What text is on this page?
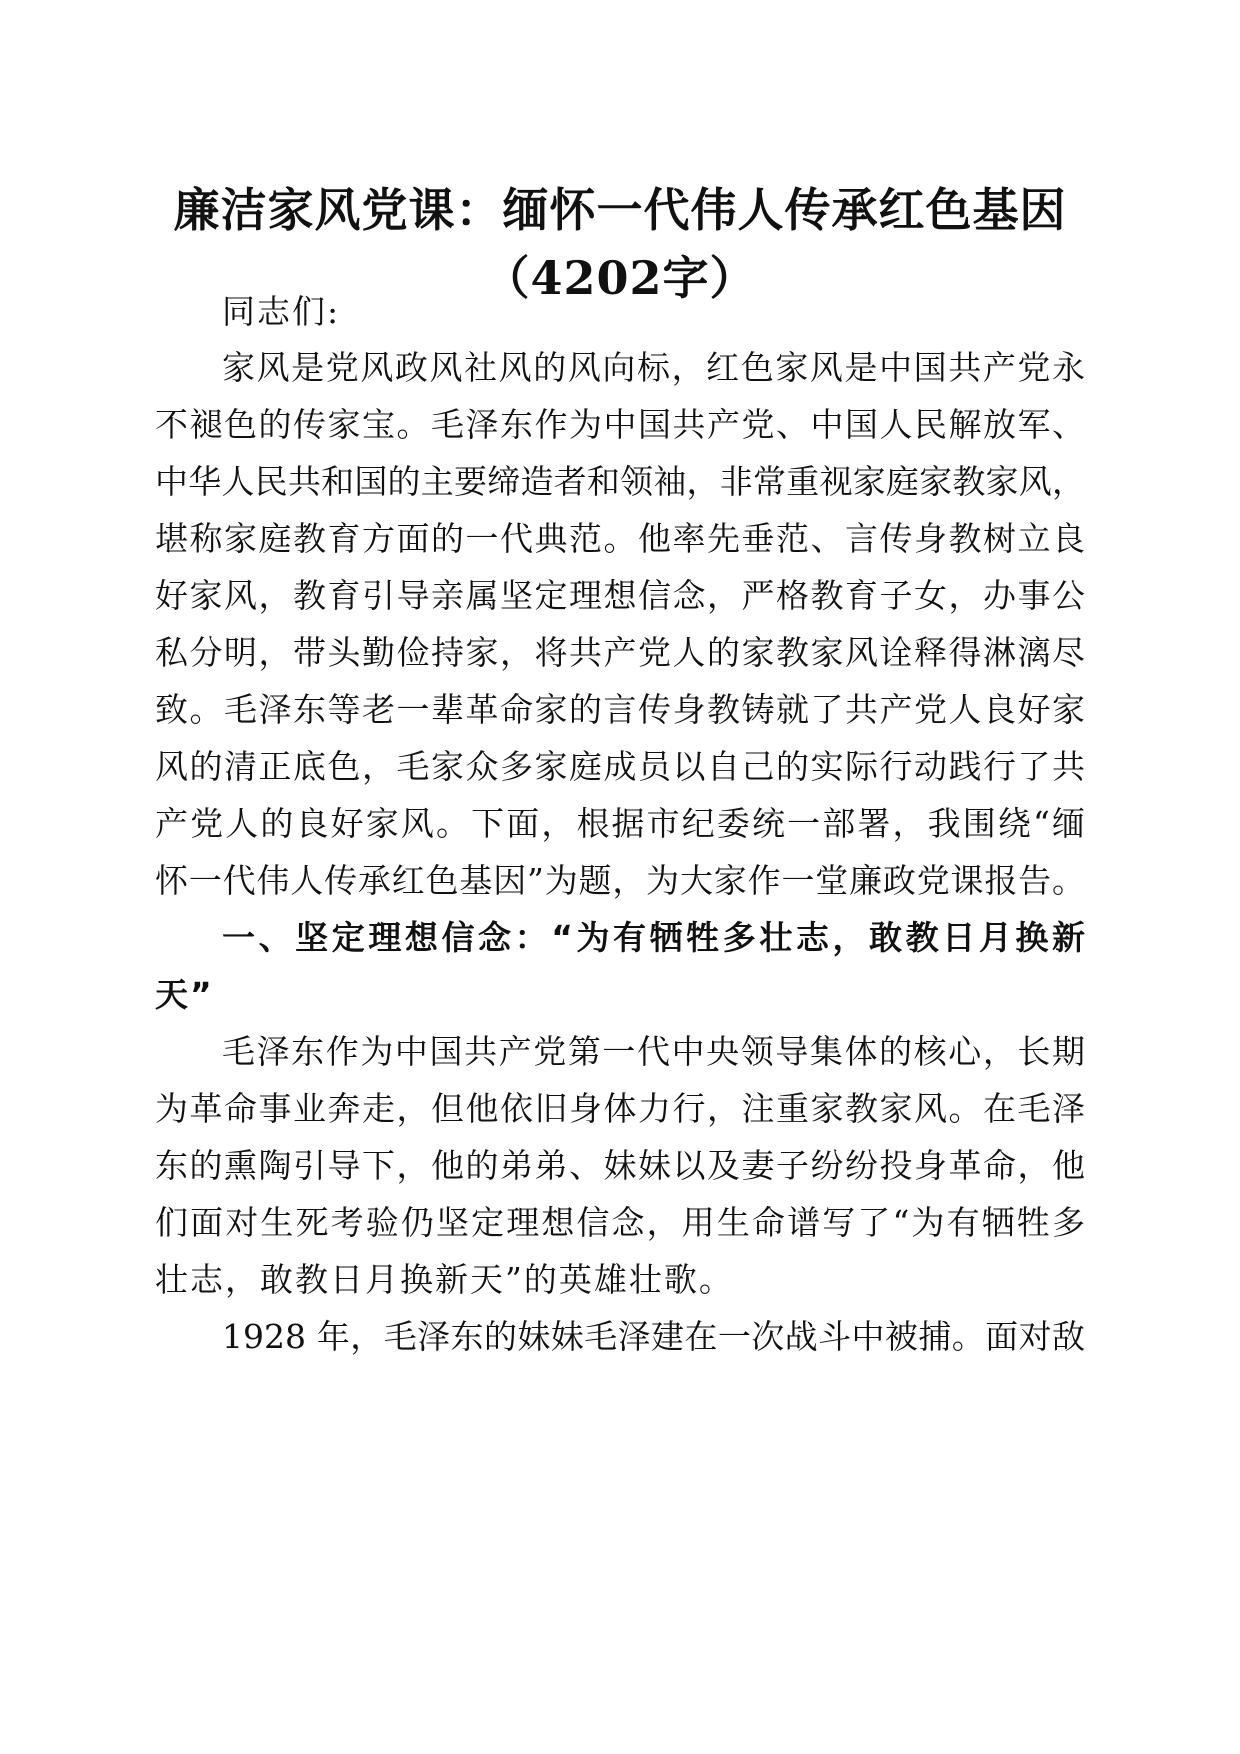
廉洁家风党课：缅怀一代伟人传承红色基因
（4202字）
同志们:
家风是党风政风社风的风向标，红色家风是中国共产党永
不褪色的传家宝。毛泽东作为中国共产党、中国人民解放军、
中华人民共和国的主要缔造者和领袖，非常重视家庭家教家风，
堪称家庭教育方面的一代典范。他率先垂范、言传身教树立良
好家风，教育引导亲属坚定理想信念，严格教育子女，办事公
私分明，带头勤俭持家，将共产党人的家教家风诠释得淋漓尽
致。毛泽东等老一辈革命家的言传身教铸就了共产党人良好家
风的清正底色，毛家众多家庭成员以自己的实际行动践行了共
产党人的良好家风。下面，根据市纪委统一部署，我围绕“缅
怀一代伟人传承红色基因”为题，为大家作一堂廉政党课报告。
一、坚定理想信念：“为有牺牲多壮志，敢教日月换新
天”
毛泽东作为中国共产党第一代中央领导集体的核心，长期
为革命事业奔走，但他依旧身体力行，注重家教家风。在毛泽
东的熏陶引导下，他的弟弟、妹妹以及妻子纷纷投身革命，他
们面对生死考验仍坚定理想信念，用生命谱写了“为有牺牲多
壮志，敢教日月换新天”的英雄壮歌。
1928 年，毛泽东的妹妹毛泽建在一次战斗中被捕。面对敌
